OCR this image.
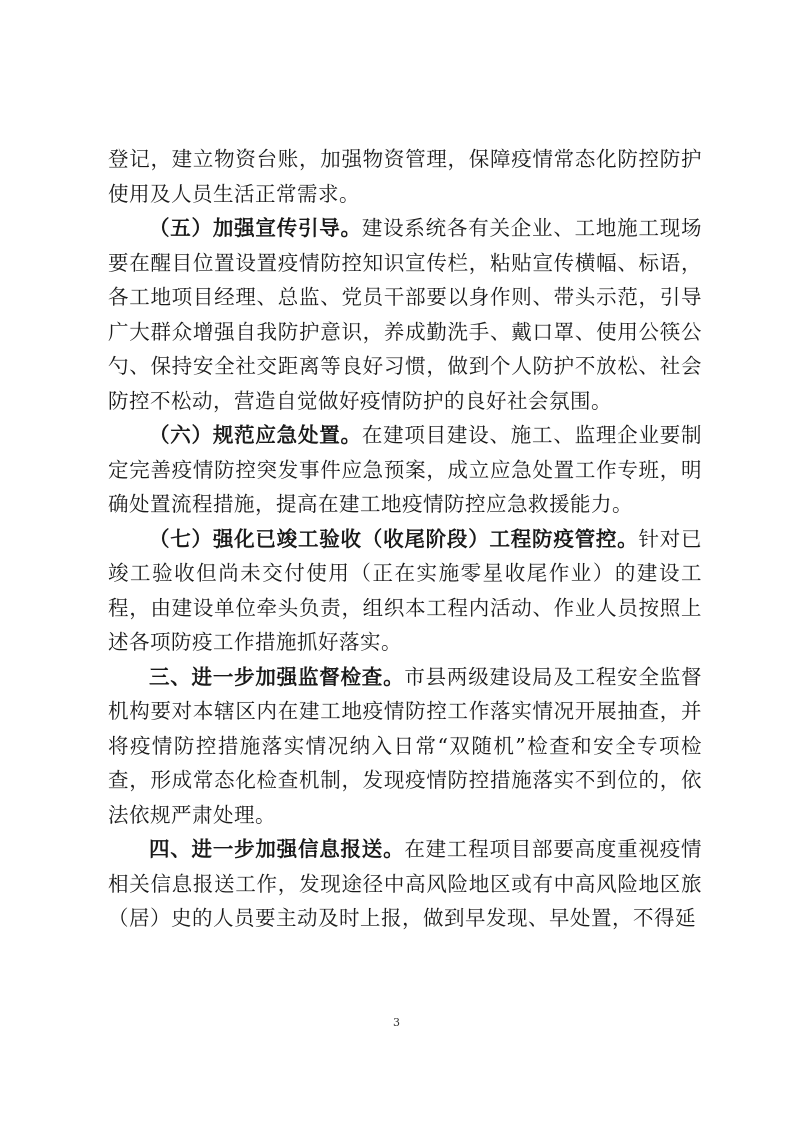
登记，建立物资台账，加强物资管理，保障疫情常态化防控防护使用及人员生活正常需求。

（五）加强宣传引导。建设系统各有关企业、工地施工现场要在醒目位置设置疫情防控知识宣传栏，粘贴宣传横幅、标语，各工地项目经理、总监、党员干部要以身作则、带头示范，引导广大群众增强自我防护意识，养成勤洗手、戴口罩、使用公筷公勺、保持安全社交距离等良好习惯，做到个人防护不放松、社会防控不松动，营造自觉做好疫情防护的良好社会氛围。

（六）规范应急处置。在建项目建设、施工、监理企业要制定完善疫情防控突发事件应急预案，成立应急处置工作专班，明确处置流程措施，提高在建工地疫情防控应急救援能力。

（七）强化已竣工验收（收尾阶段）工程防疫管控。针对已竣工验收但尚未交付使用（正在实施零星收尾作业）的建设工程，由建设单位牵头负责，组织本工程内活动、作业人员按照上述各项防疫工作措施抓好落实。

三、进一步加强监督检查。市县两级建设局及工程安全监督机构要对本辖区内在建工地疫情防控工作落实情况开展抽查，并将疫情防控措施落实情况纳入日常“双随机”检查和安全专项检查，形成常态化检查机制，发现疫情防控措施落实不到位的，依法依规严肃处理。

四、进一步加强信息报送。在建工程项目部要高度重视疫情相关信息报送工作，发现途径中高风险地区或有中高风险地区旅（居）史的人员要主动及时上报，做到早发现、早处置，不得延

3
